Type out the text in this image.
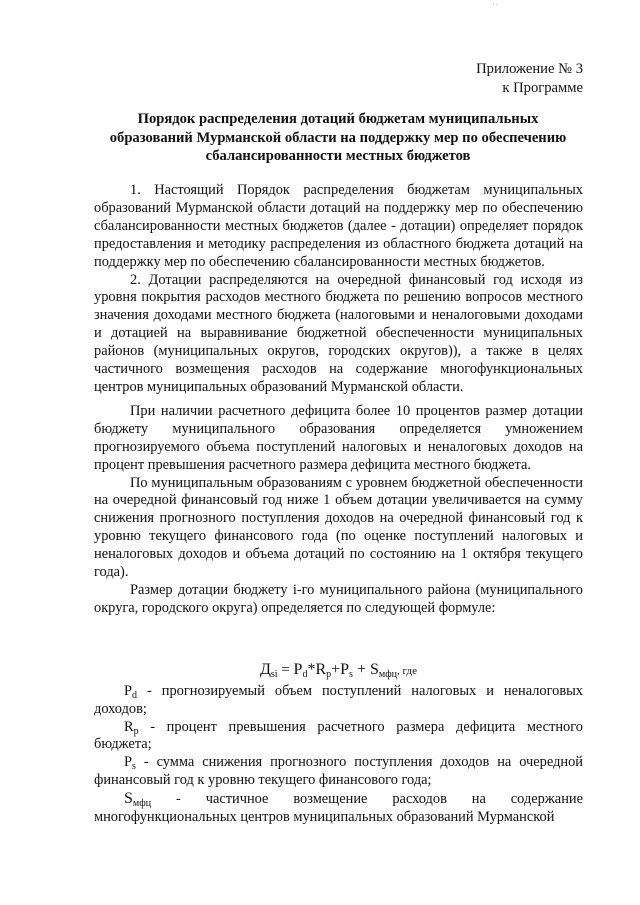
··
Приложение № 3
к Программе
Порядок распределения дотаций бюджетам муниципальных
образований Мурманской области на поддержку мер по обеспечению
сбалансированности местных бюджетов

1. Настоящий Порядок распределения бюджетам муниципальных образований Мурманской области дотаций на поддержку мер по обеспечению сбалансированности местных бюджетов (далее - дотации) определяет порядок предоставления и методику распределения из областного бюджета дотаций на поддержку мер по обеспечению сбалансированности местных бюджетов.

2. Дотации распределяются на очередной финансовый год исходя из уровня покрытия расходов местного бюджета по решению вопросов местного значения доходами местного бюджета (налоговыми и неналоговыми доходами и дотацией на выравнивание бюджетной обеспеченности муниципальных районов (муниципальных округов, городских округов)), а также в целях частичного возмещения расходов на содержание многофункциональных центров муниципальных образований Мурманской области.

При наличии расчетного дефицита более 10 процентов размер дотации бюджету муниципального образования определяется умножением прогнозируемого объема поступлений налоговых и неналоговых доходов на процент превышения расчетного размера дефицита местного бюджета.

По муниципальным образованиям с уровнем бюджетной обеспеченности на очередной финансовый год ниже 1 объем дотации увеличивается на сумму снижения прогнозного поступления доходов на очередной финансовый год к уровню текущего финансового года (по оценке поступлений налоговых и неналоговых доходов и объема дотаций по состоянию на 1 октября текущего года).

Размер дотации бюджету i-го муниципального района (муниципального округа, городского округа) определяется по следующей формуле:

$Д_{si} = P_d*R_p+P_s + S_{мфц}$, где

$P_d$ - прогнозируемый объем поступлений налоговых и неналоговых доходов;

$R_p$ - процент превышения расчетного размера дефицита местного бюджета;

$P_s$ - сумма снижения прогнозного поступления доходов на очередной финансовый год к уровню текущего финансового года;

$S_{мфц}$ - частичное возмещение расходов на содержание многофункциональных центров муниципальных образований Мурманской
